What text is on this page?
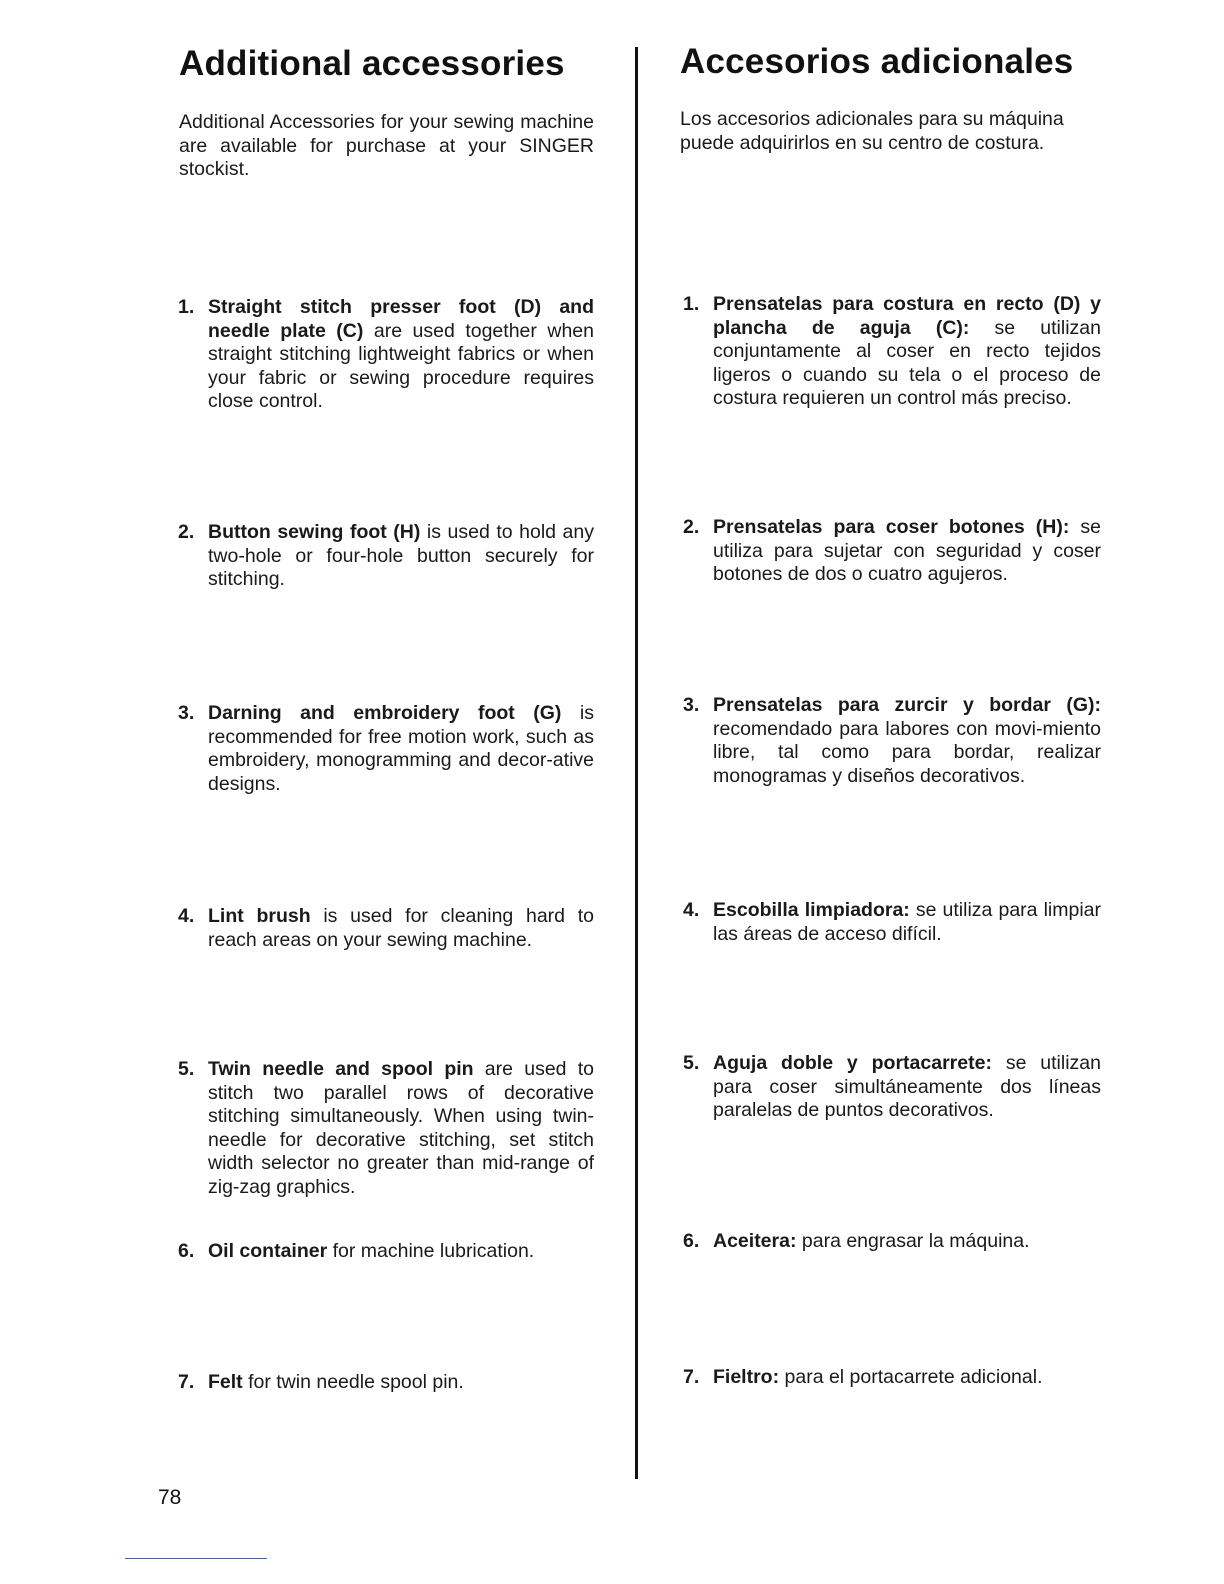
Additional accessories

Additional Accessories for your sewing machine are available for purchase at your SINGER stockist.

Accesorios adicionales

Los accesorios adicionales para su máquina puede adquirirlos en su centro de costura.

1. Straight stitch presser foot (D) and needle plate (C) are used together when straight stitching lightweight fabrics or when your fabric or sewing procedure requires close control.
2. Button sewing foot (H) is used to hold any two-hole or four-hole button securely for stitching.
3. Darning and embroidery foot (G) is recommended for free motion work, such as embroidery, monogramming and decor-ative designs.
4. Lint brush is used for cleaning hard to reach areas on your sewing machine.
5. Twin needle and spool pin are used to stitch two parallel rows of decorative stitching simultaneously. When using twin-needle for decorative stitching, set stitch width selector no greater than mid-range of zig-zag graphics.
6. Oil container for machine lubrication.
7. Felt for twin needle spool pin.
1. Prensatelas para costura en recto (D) y plancha de aguja (C): se utilizan conjuntamente al coser en recto tejidos ligeros o cuando su tela o el proceso de costura requieren un control más preciso.
2. Prensatelas para coser botones (H): se utiliza para sujetar con seguridad y coser botones de dos o cuatro agujeros.
3. Prensatelas para zurcir y bordar (G): recomendado para labores con movi-miento libre, tal como para bordar, realizar monogramas y diseños decorativos.
4. Escobilla limpiadora: se utiliza para limpiar las áreas de acceso difícil.
5. Aguja doble y portacarrete: se utilizan para coser simultáneamente dos líneas paralelas de puntos decorativos.
6. Aceitera: para engrasar la máquina.
7. Fieltro: para el portacarrete adicional.
78
